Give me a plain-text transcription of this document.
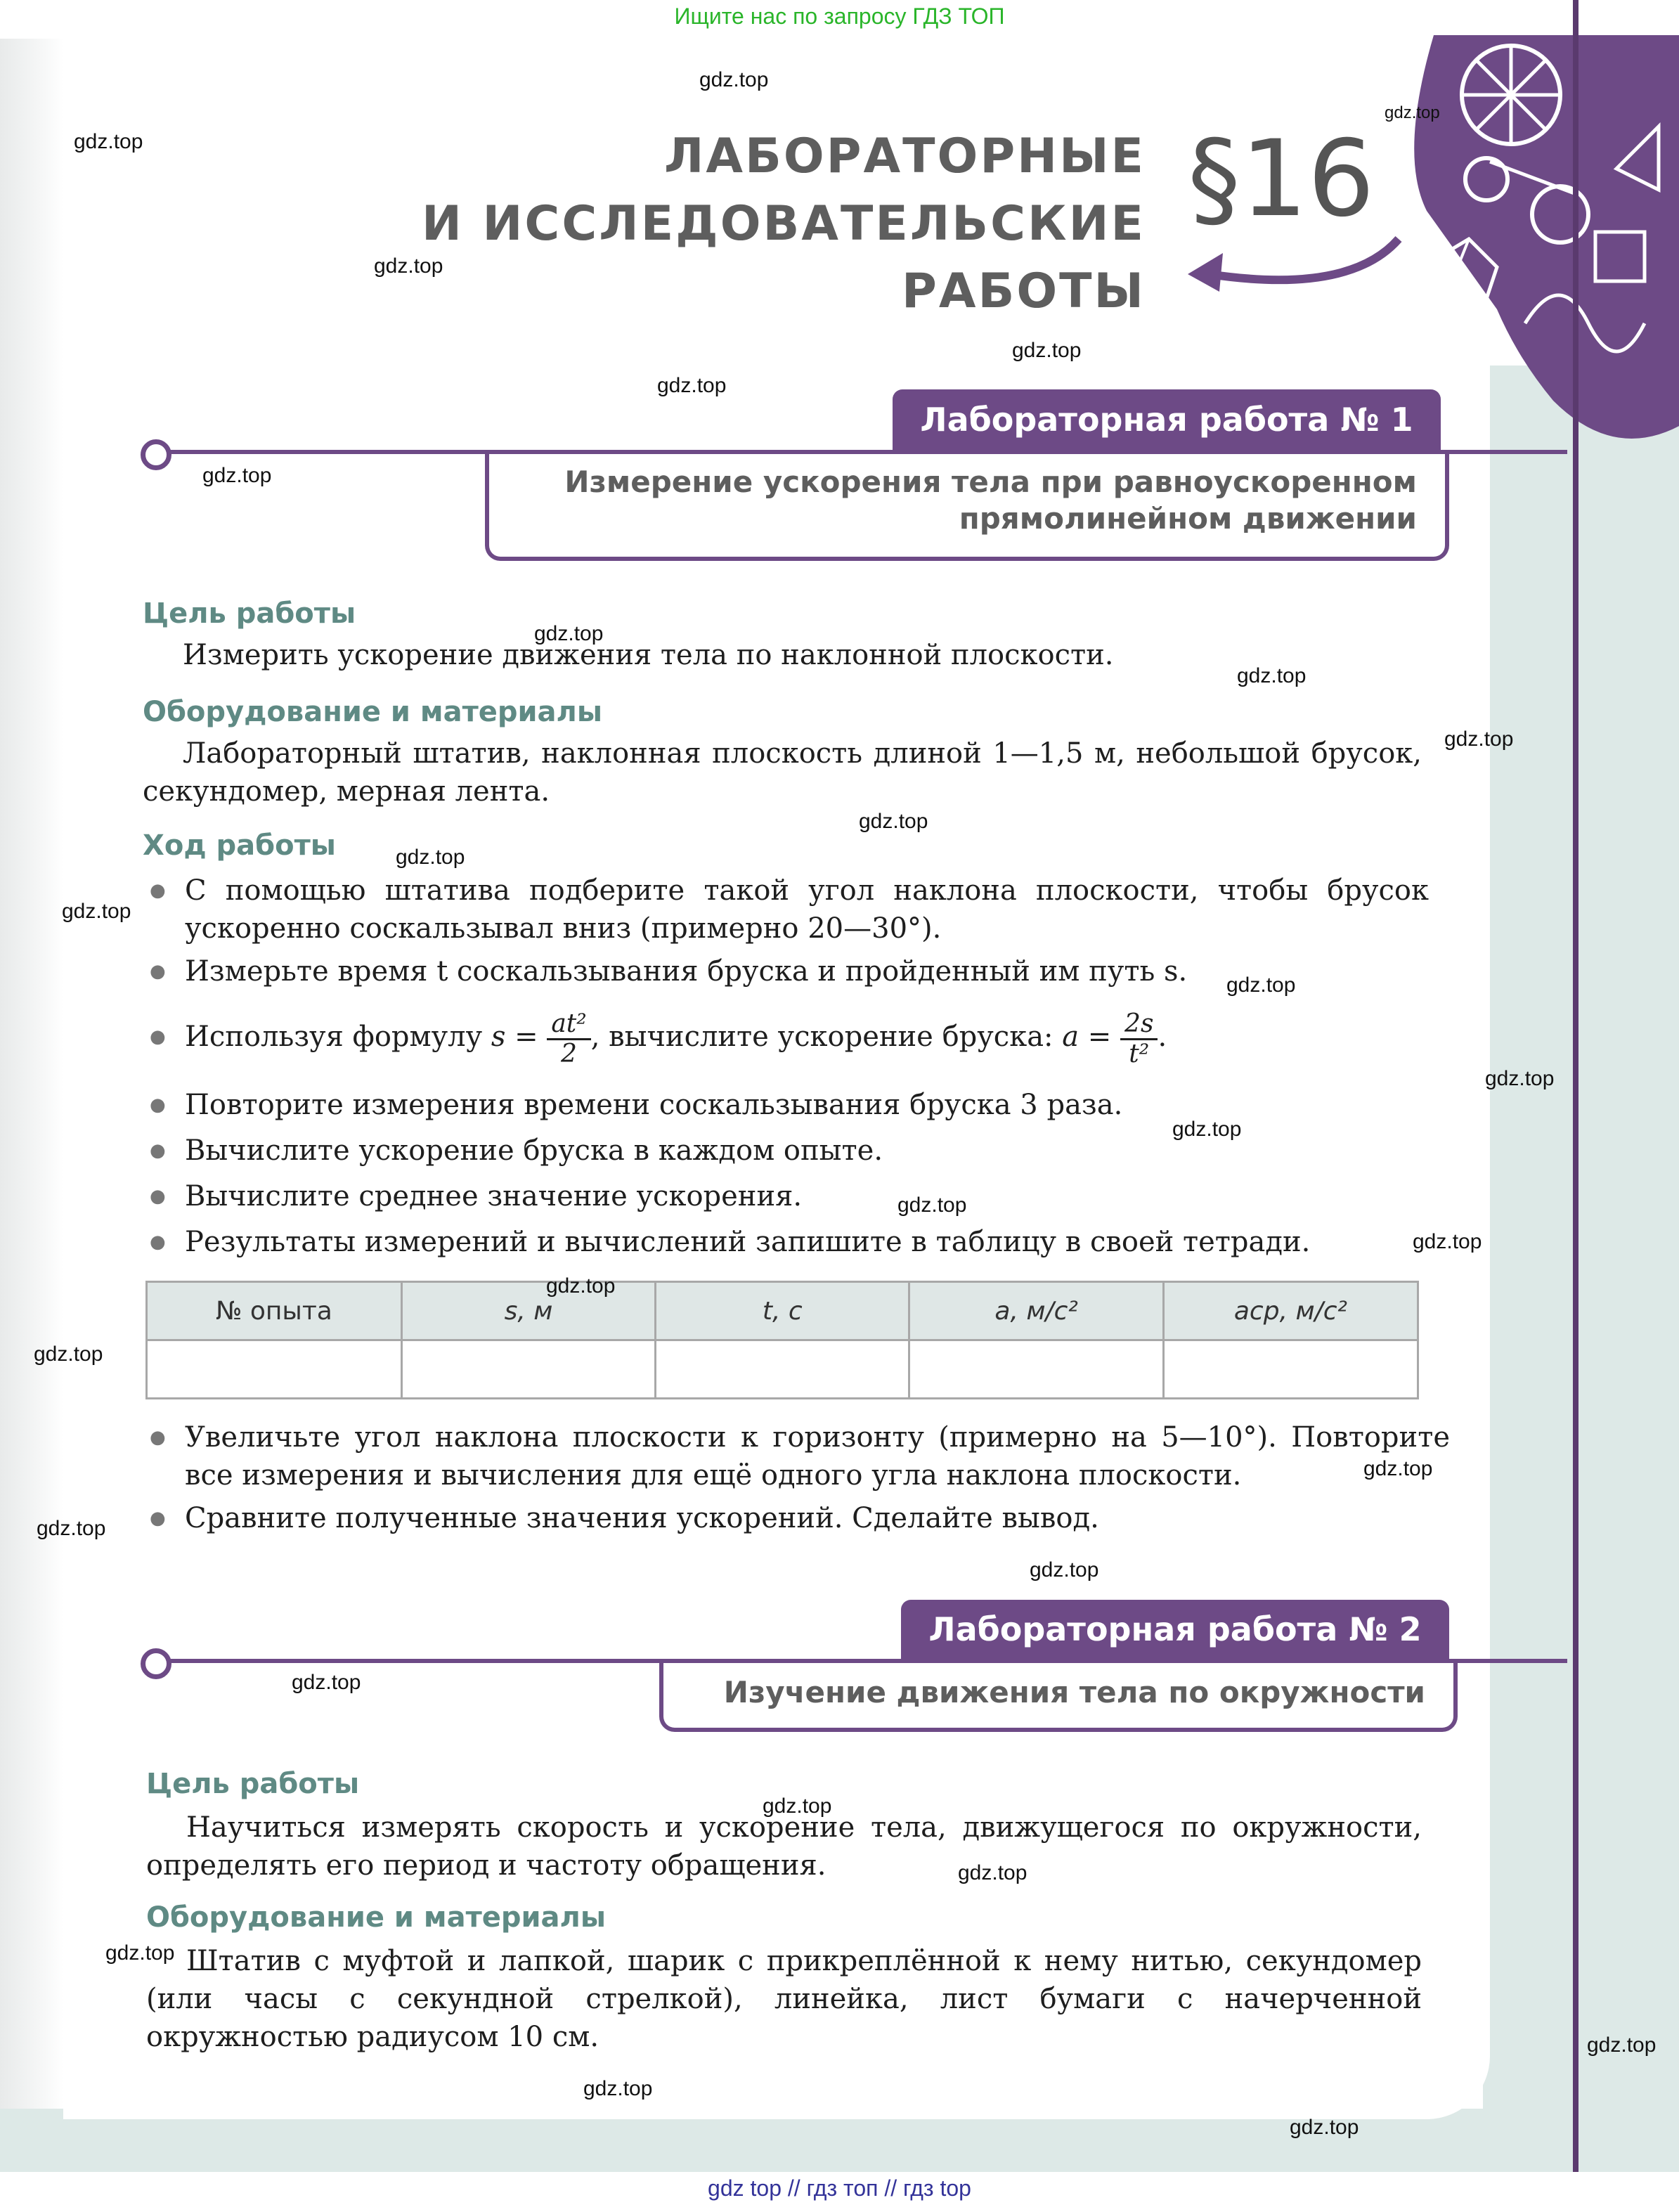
Ищите нас по запросу ГДЗ ТОП
gdz top // гдз топ // гдз top
ЛАБОРАТОРНЫЕ
И ИССЛЕДОВАТЕЛЬСКИЕ РАБОТЫ
§16
Лабораторная работа № 1
Измерение ускорения тела при равноускоренном
прямолинейном движении
Цель работы
Измерить ускорение движения тела по наклонной плоскости.
Оборудование и материалы
Лабораторный штатив, наклонная плоскость длиной 1—1,5 м, небольшой брусок, секундомер, мерная лента.
Ход работы
● С помощью штатива подберите такой угол наклона плоскости, чтобы брусок ускоренно соскальзывал вниз (примерно 20—30°).
● Измерьте время t соскальзывания бруска и пройденный им путь s.
● Используя формулу $s = \frac{\text{at²}}{2}$ , вычислите ускорение бруска: $a = \frac{2s}{\text{t²}}$ .
● Повторите измерения времени соскальзывания бруска 3 раза.
● Вычислите ускорение бруска в каждом опыте.
● Вычислите среднее значение ускорения.
● Результаты измерений и вычислений запишите в таблицу в своей тетради.
№ опыта	s, м	t, с	a, м/с²	aср, м/с²

● Увеличьте угол наклона плоскости к горизонту (примерно на 5—10°). Повторите все измерения и вычисления для ещё одного угла наклона плоскости.
● Сравните полученные значения ускорений. Сделайте вывод.
Лабораторная работа № 2
Изучение движения тела по окружности
Цель работы
Научиться измерять скорость и ускорение тела, движущегося по окружности, определять его период и частоту обращения.
Оборудование и материалы
Штатив с муфтой и лапкой, шарик с прикреплённой к нему нитью, секундомер (или часы с секундной стрелкой), линейка, лист бумаги с начерченной окружностью радиусом 10 см.
gdz.top
gdz.top
gdz.top
gdz.top
gdz.top
gdz.top
gdz.top
gdz.top
gdz.top
gdz.top
gdz.top
gdz.top
gdz.top
gdz.top
gdz.top
gdz.top
gdz.top
gdz.top
gdz.top
gdz.top
gdz.top
gdz.top
gdz.top
gdz.top
gdz.top
gdz.top
gdz.top
gdz.top
gdz.top
gdz.top
